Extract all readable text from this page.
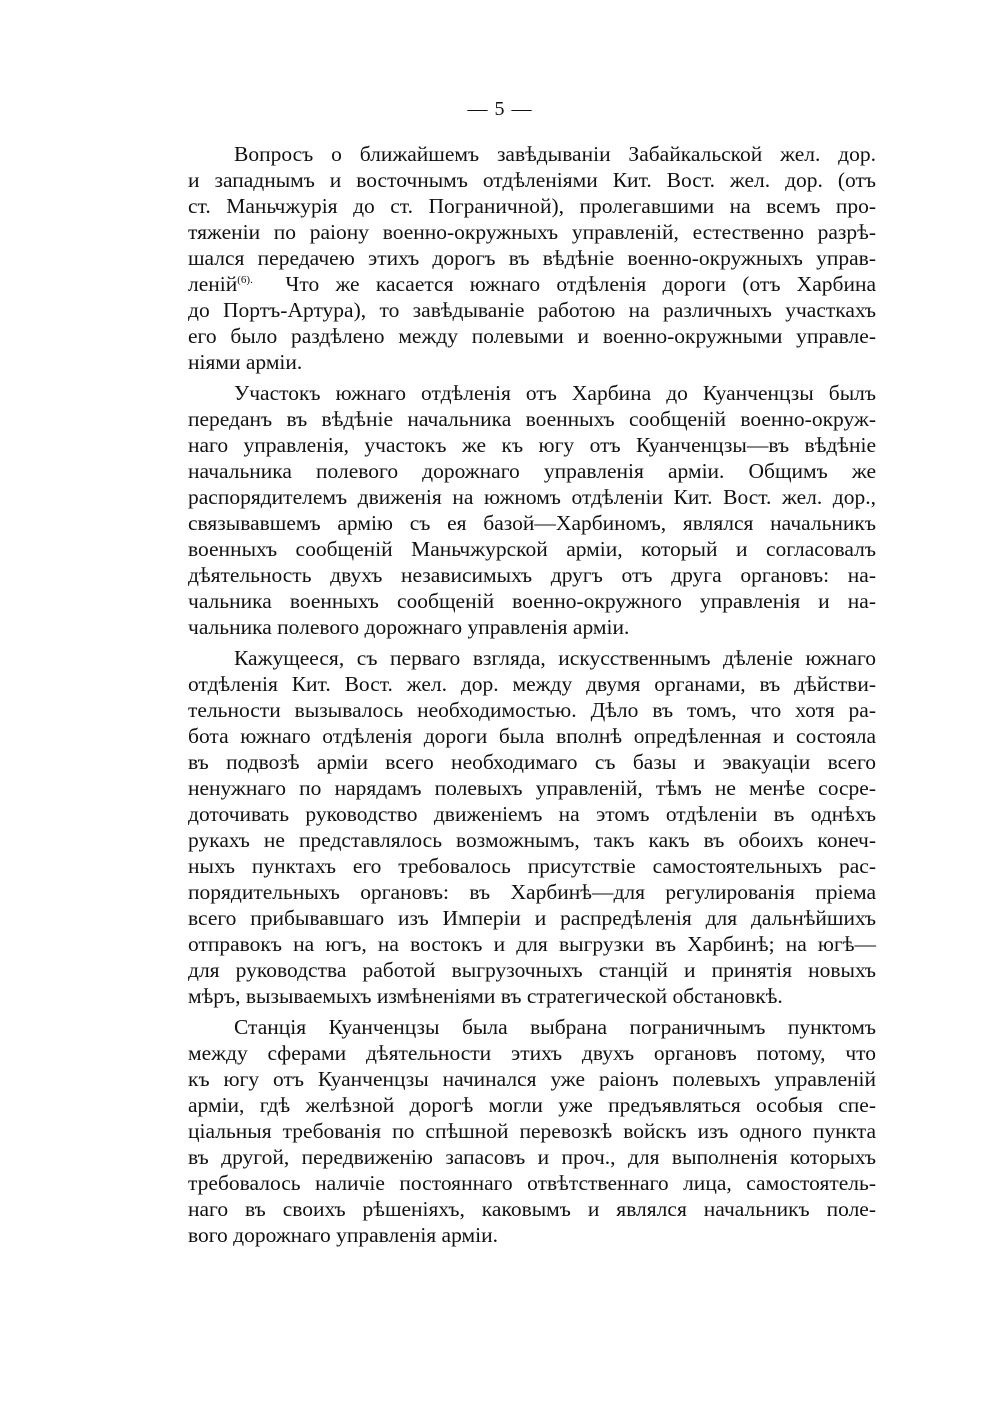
— 5 —
Вопросъ о ближайшемъ завѣдываніи Забайкальской жел. дор.
и западнымъ и восточнымъ отдѣленіями Кит. Вост. жел. дор. (отъ
ст. Маньчжурія до ст. Пограничной), пролегавшими на всемъ про-
тяженіи по раіону военно-окружныхъ управленій, естественно разрѣ-
шался передачею этихъ дорогъ въ вѣдѣніе военно-окружныхъ управ-
леній$^{(6).}$ Что же касается южнаго отдѣленія дороги (отъ Харбина
до Портъ-Артура), то завѣдываніе работою на различныхъ участкахъ
его было раздѣлено между полевыми и военно-окружными управле-
ніями арміи.
Участокъ южнаго отдѣленія отъ Харбина до Куанченцзы былъ
переданъ въ вѣдѣніе начальника военныхъ сообщеній военно-окруж-
наго управленія, участокъ же къ югу отъ Куанченцзы—въ вѣдѣніе
начальника полевого дорожнаго управленія арміи. Общимъ же
распорядителемъ движенія на южномъ отдѣленіи Кит. Вост. жел. дор.,
связывавшемъ армію съ ея базой—Харбиномъ, являлся начальникъ
военныхъ сообщеній Маньчжурской арміи, который и согласовалъ
дѣятельность двухъ независимыхъ другъ отъ друга органовъ: на-
чальника военныхъ сообщеній военно-окружного управленія и на-
чальника полевого дорожнаго управленія арміи.
Кажущееся, съ перваго взгляда, искусственнымъ дѣленіе южнаго
отдѣленія Кит. Вост. жел. дор. между двумя органами, въ дѣйстви-
тельности вызывалось необходимостью. Дѣло въ томъ, что хотя ра-
бота южнаго отдѣленія дороги была вполнѣ опредѣленная и состояла
въ подвозѣ арміи всего необходимаго съ базы и эвакуаціи всего
ненужнаго по нарядамъ полевыхъ управленій, тѣмъ не менѣе сосре-
доточивать руководство движеніемъ на этомъ отдѣленіи въ однѣхъ
рукахъ не представлялось возможнымъ, такъ какъ въ обоихъ конеч-
ныхъ пунктахъ его требовалось присутствіе самостоятельныхъ рас-
порядительныхъ органовъ: въ Харбинѣ—для регулированія пріема
всего прибывавшаго изъ Имперіи и распредѣленія для дальнѣйшихъ
отправокъ на югъ, на востокъ и для выгрузки въ Харбинѣ; на югѣ—
для руководства работой выгрузочныхъ станцій и принятія новыхъ
мѣръ, вызываемыхъ измѣненіями въ стратегической обстановкѣ.
Станція Куанченцзы была выбрана пограничнымъ пунктомъ
между сферами дѣятельности этихъ двухъ органовъ потому, что
къ югу отъ Куанченцзы начинался уже раіонъ полевыхъ управленій
арміи, гдѣ желѣзной дорогѣ могли уже предъявляться особыя спе-
ціальныя требованія по спѣшной перевозкѣ войскъ изъ одного пункта
въ другой, передвиженію запасовъ и проч., для выполненія которыхъ
требовалось наличіе постояннаго отвѣтственнаго лица, самостоятель-
наго въ своихъ рѣшеніяхъ, каковымъ и являлся начальникъ поле-
вого дорожнаго управленія арміи.
